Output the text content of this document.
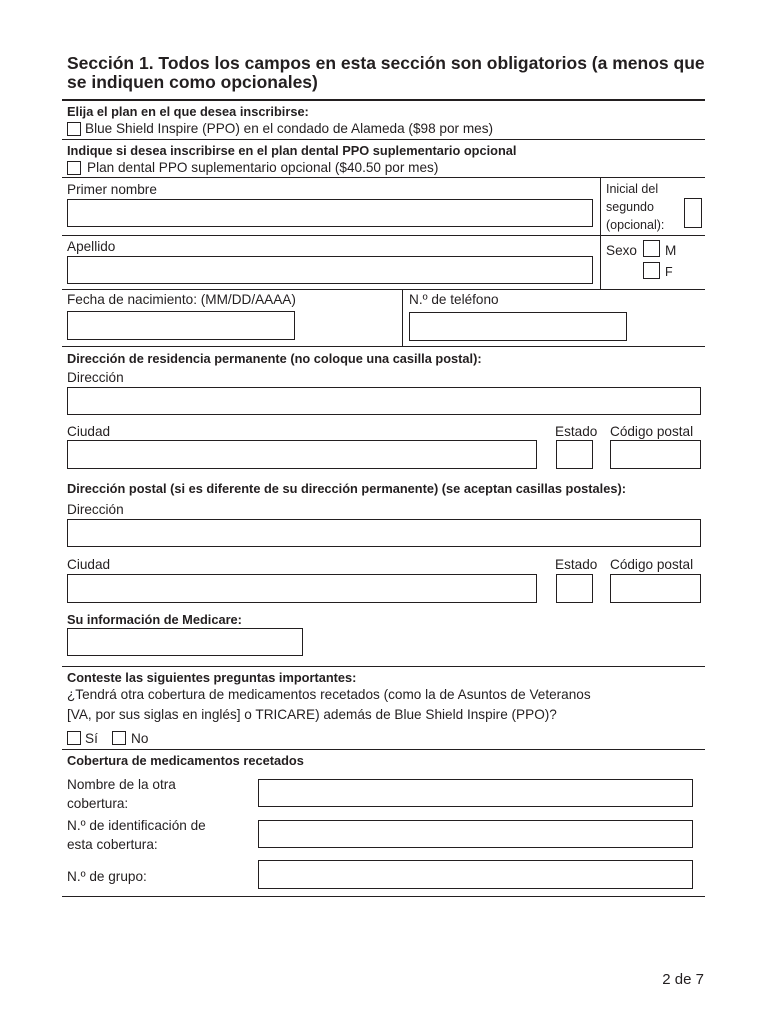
Sección 1. Todos los campos en esta sección son obligatorios (a menos que se indiquen como opcionales)
Elija el plan en el que desea inscribirse:
Blue Shield Inspire (PPO) en el condado de Alameda ($98 por mes)
Indique si desea inscribirse en el plan dental PPO suplementario opcional
Plan dental PPO suplementario opcional ($40.50 por mes)
Primer nombre	Inicial del
segundo
(opcional):
Apellido	Sexo M
F
Fecha de nacimiento: (MM/DD/AAAA)	N.º de teléfono
Dirección de residencia permanente (no coloque una casilla postal):
Dirección
Ciudad	Estado Código postal
Dirección postal (si es diferente de su dirección permanente) (se aceptan casillas postales):
Dirección
Ciudad	Estado Código postal
Su información de Medicare:
Conteste las siguientes preguntas importantes:
¿Tendrá otra cobertura de medicamentos recetados (como la de Asuntos de Veteranos
[VA, por sus siglas en inglés] o TRICARE) además de Blue Shield Inspire (PPO)?
Sí No
Cobertura de medicamentos recetados
Nombre de la otra
cobertura:
N.º de identificación de
esta cobertura:
N.º de grupo:
2 de 7
